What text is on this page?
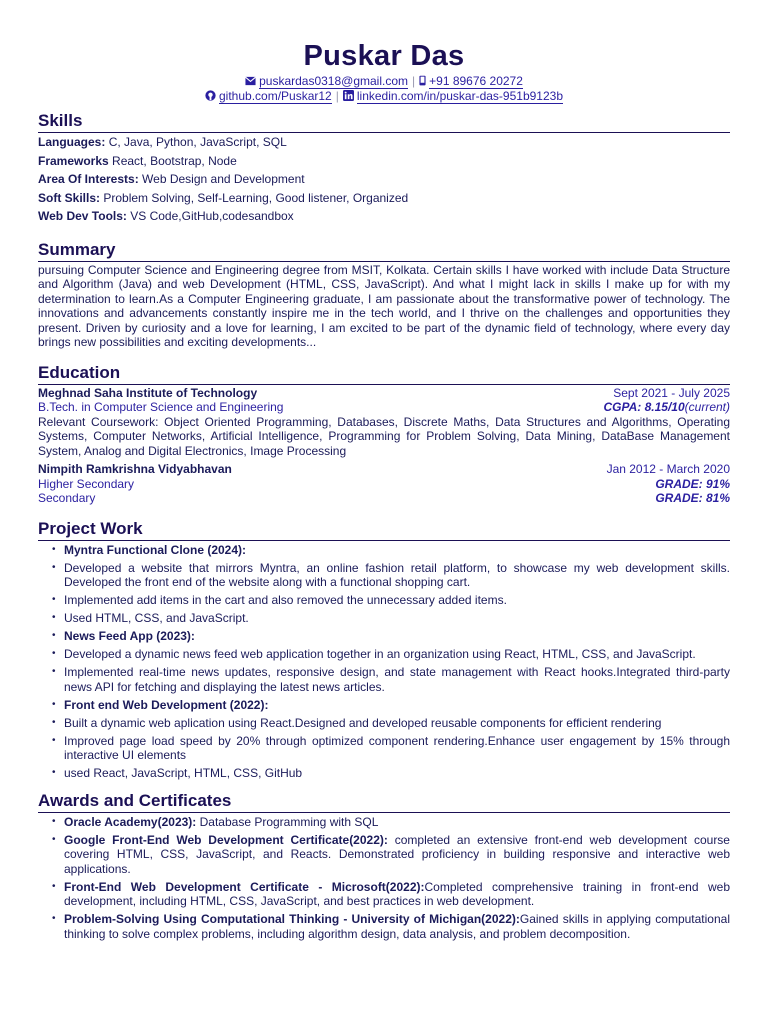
Puskar Das
puskardas0318@gmail.com | +91 89676 20272
github.com/Puskar12 | linkedin.com/in/puskar-das-951b9123b
Skills
Languages: C, Java, Python, JavaScript, SQL
Frameworks React, Bootstrap, Node
Area Of Interests: Web Design and Development
Soft Skills: Problem Solving, Self-Learning, Good listener, Organized
Web Dev Tools: VS Code,GitHub,codesandbox
Summary
pursuing Computer Science and Engineering degree from MSIT, Kolkata. Certain skills I have worked with include Data Structure and Algorithm (Java) and web Development (HTML, CSS, JavaScript). And what I might lack in skills I make up for with my determination to learn.As a Computer Engineering graduate, I am passionate about the transformative power of technology. The innovations and advancements constantly inspire me in the tech world, and I thrive on the challenges and opportunities they present. Driven by curiosity and a love for learning, I am excited to be part of the dynamic field of technology, where every day brings new possibilities and exciting developments...
Education
Meghnad Saha Institute of Technology	Sept 2021 - July 2025
B.Tech. in Computer Science and Engineering	CGPA: 8.15/10(current)
Relevant Coursework: Object Oriented Programming, Databases, Discrete Maths, Data Structures and Algorithms, Operating Systems, Computer Networks, Artificial Intelligence, Programming for Problem Solving, Data Mining, DataBase Management System, Analog and Digital Electronics, Image Processing
Nimpith Ramkrishna Vidyabhavan	Jan 2012 - March 2020
Higher Secondary	GRADE: 91%
Secondary	GRADE: 81%
Project Work
• Myntra Functional Clone (2024):
• Developed a website that mirrors Myntra, an online fashion retail platform, to showcase my web development skills. Developed the front end of the website along with a functional shopping cart.
• Implemented add items in the cart and also removed the unnecessary added items.
• Used HTML, CSS, and JavaScript.
• News Feed App (2023):
• Developed a dynamic news feed web application together in an organization using React, HTML, CSS, and JavaScript.
• Implemented real-time news updates, responsive design, and state management with React hooks.Integrated third-party news API for fetching and displaying the latest news articles.
• Front end Web Development (2022):
• Built a dynamic web aplication using React.Designed and developed reusable components for efficient rendering
• Improved page load speed by 20% through optimized component rendering.Enhance user engagement by 15% through interactive UI elements
• used React, JavaScript, HTML, CSS, GitHub
Awards and Certificates
• Oracle Academy(2023): Database Programming with SQL
• Google Front-End Web Development Certificate(2022): completed an extensive front-end web development course covering HTML, CSS, JavaScript, and Reacts. Demonstrated proficiency in building responsive and interactive web applications.
• Front-End Web Development Certificate - Microsoft(2022):Completed comprehensive training in front-end web development, including HTML, CSS, JavaScript, and best practices in web development.
• Problem-Solving Using Computational Thinking - University of Michigan(2022):Gained skills in applying computational thinking to solve complex problems, including algorithm design, data analysis, and problem decomposition.
